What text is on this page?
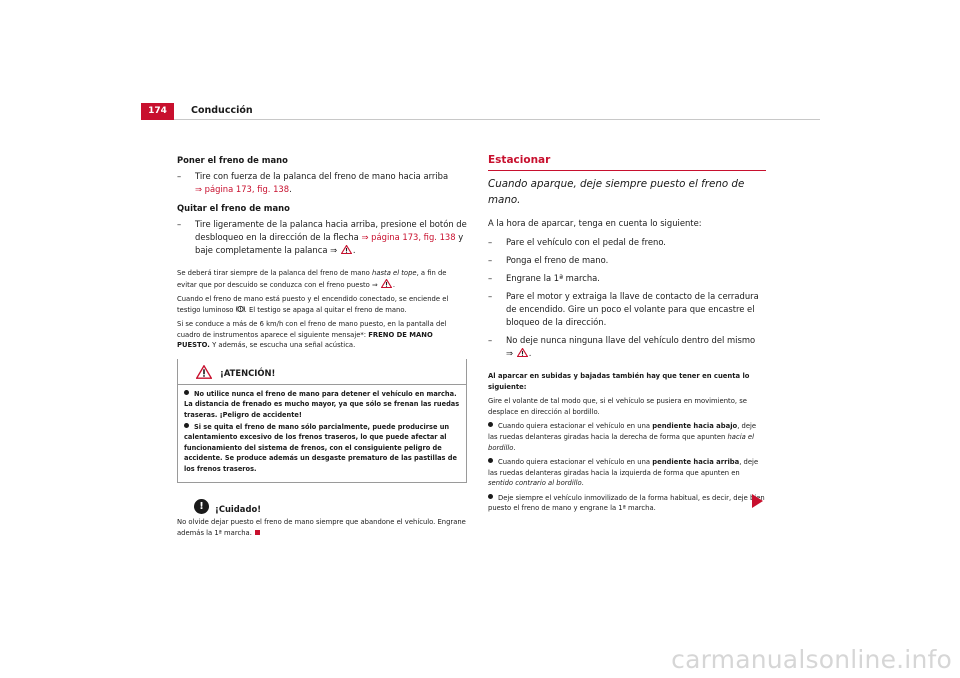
174	Conducción
Poner el freno de mano
– Tire con fuerza de la palanca del freno de mano hacia arriba
⇒ página 173, fig. 138.
Quitar el freno de mano
– Tire ligeramente de la palanca hacia arriba, presione el botón de desbloqueo en la dirección de la flecha ⇒ página 173, fig. 138 y baje completamente la palanca ⇒ .

Se deberá tirar siempre de la palanca del freno de mano hasta el tope, a fin de evitar que por descuido se conduzca con el freno puesto ⇒ .

Cuando el freno de mano está puesto y el encendido conectado, se enciende el testigo luminoso . El testigo se apaga al quitar el freno de mano.

Si se conduce a más de 6 km/h con el freno de mano puesto, en la pantalla del cuadro de instrumentos aparece el siguiente mensaje*: FRENO DE MANO PUESTO. Y además, se escucha una señal acústica.

¡ATENCIÓN!
No utilice nunca el freno de mano para detener el vehículo en marcha. La distancia de frenado es mucho mayor, ya que sólo se frenan las ruedas traseras. ¡Peligro de accidente!
Si se quita el freno de mano sólo parcialmente, puede producirse un calentamiento excesivo de los frenos traseros, lo que puede afectar al funcionamiento del sistema de frenos, con el consiguiente peligro de accidente. Se produce además un desgaste prematuro de las pastillas de los frenos traseros.
!	¡Cuidado!

No olvide dejar puesto el freno de mano siempre que abandone el vehículo. Engrane además la 1ª marcha.

Estacionar
Cuando aparque, deje siempre puesto el freno de mano.
A la hora de aparcar, tenga en cuenta lo siguiente:
– Pare el vehículo con el pedal de freno.
– Ponga el freno de mano.
– Engrane la 1ª marcha.
– Pare el motor y extraiga la llave de contacto de la cerradura de encendido. Gire un poco el volante para que encastre el bloqueo de la dirección.
– No deje nunca ninguna llave del vehículo dentro del mismo
⇒ .

Al aparcar en subidas y bajadas también hay que tener en cuenta lo siguiente:

Gire el volante de tal modo que, si el vehículo se pusiera en movimiento, se desplace en dirección al bordillo.

Cuando quiera estacionar el vehículo en una pendiente hacia abajo, deje las ruedas delanteras giradas hacia la derecha de forma que apunten hacia el bordillo.

Cuando quiera estacionar el vehículo en una pendiente hacia arriba, deje las ruedas delanteras giradas hacia la izquierda de forma que apunten en sentido contrario al bordillo.

Deje siempre el vehículo inmovilizado de la forma habitual, es decir, deje bien puesto el freno de mano y engrane la 1ª marcha.

carmanualsonline.info
